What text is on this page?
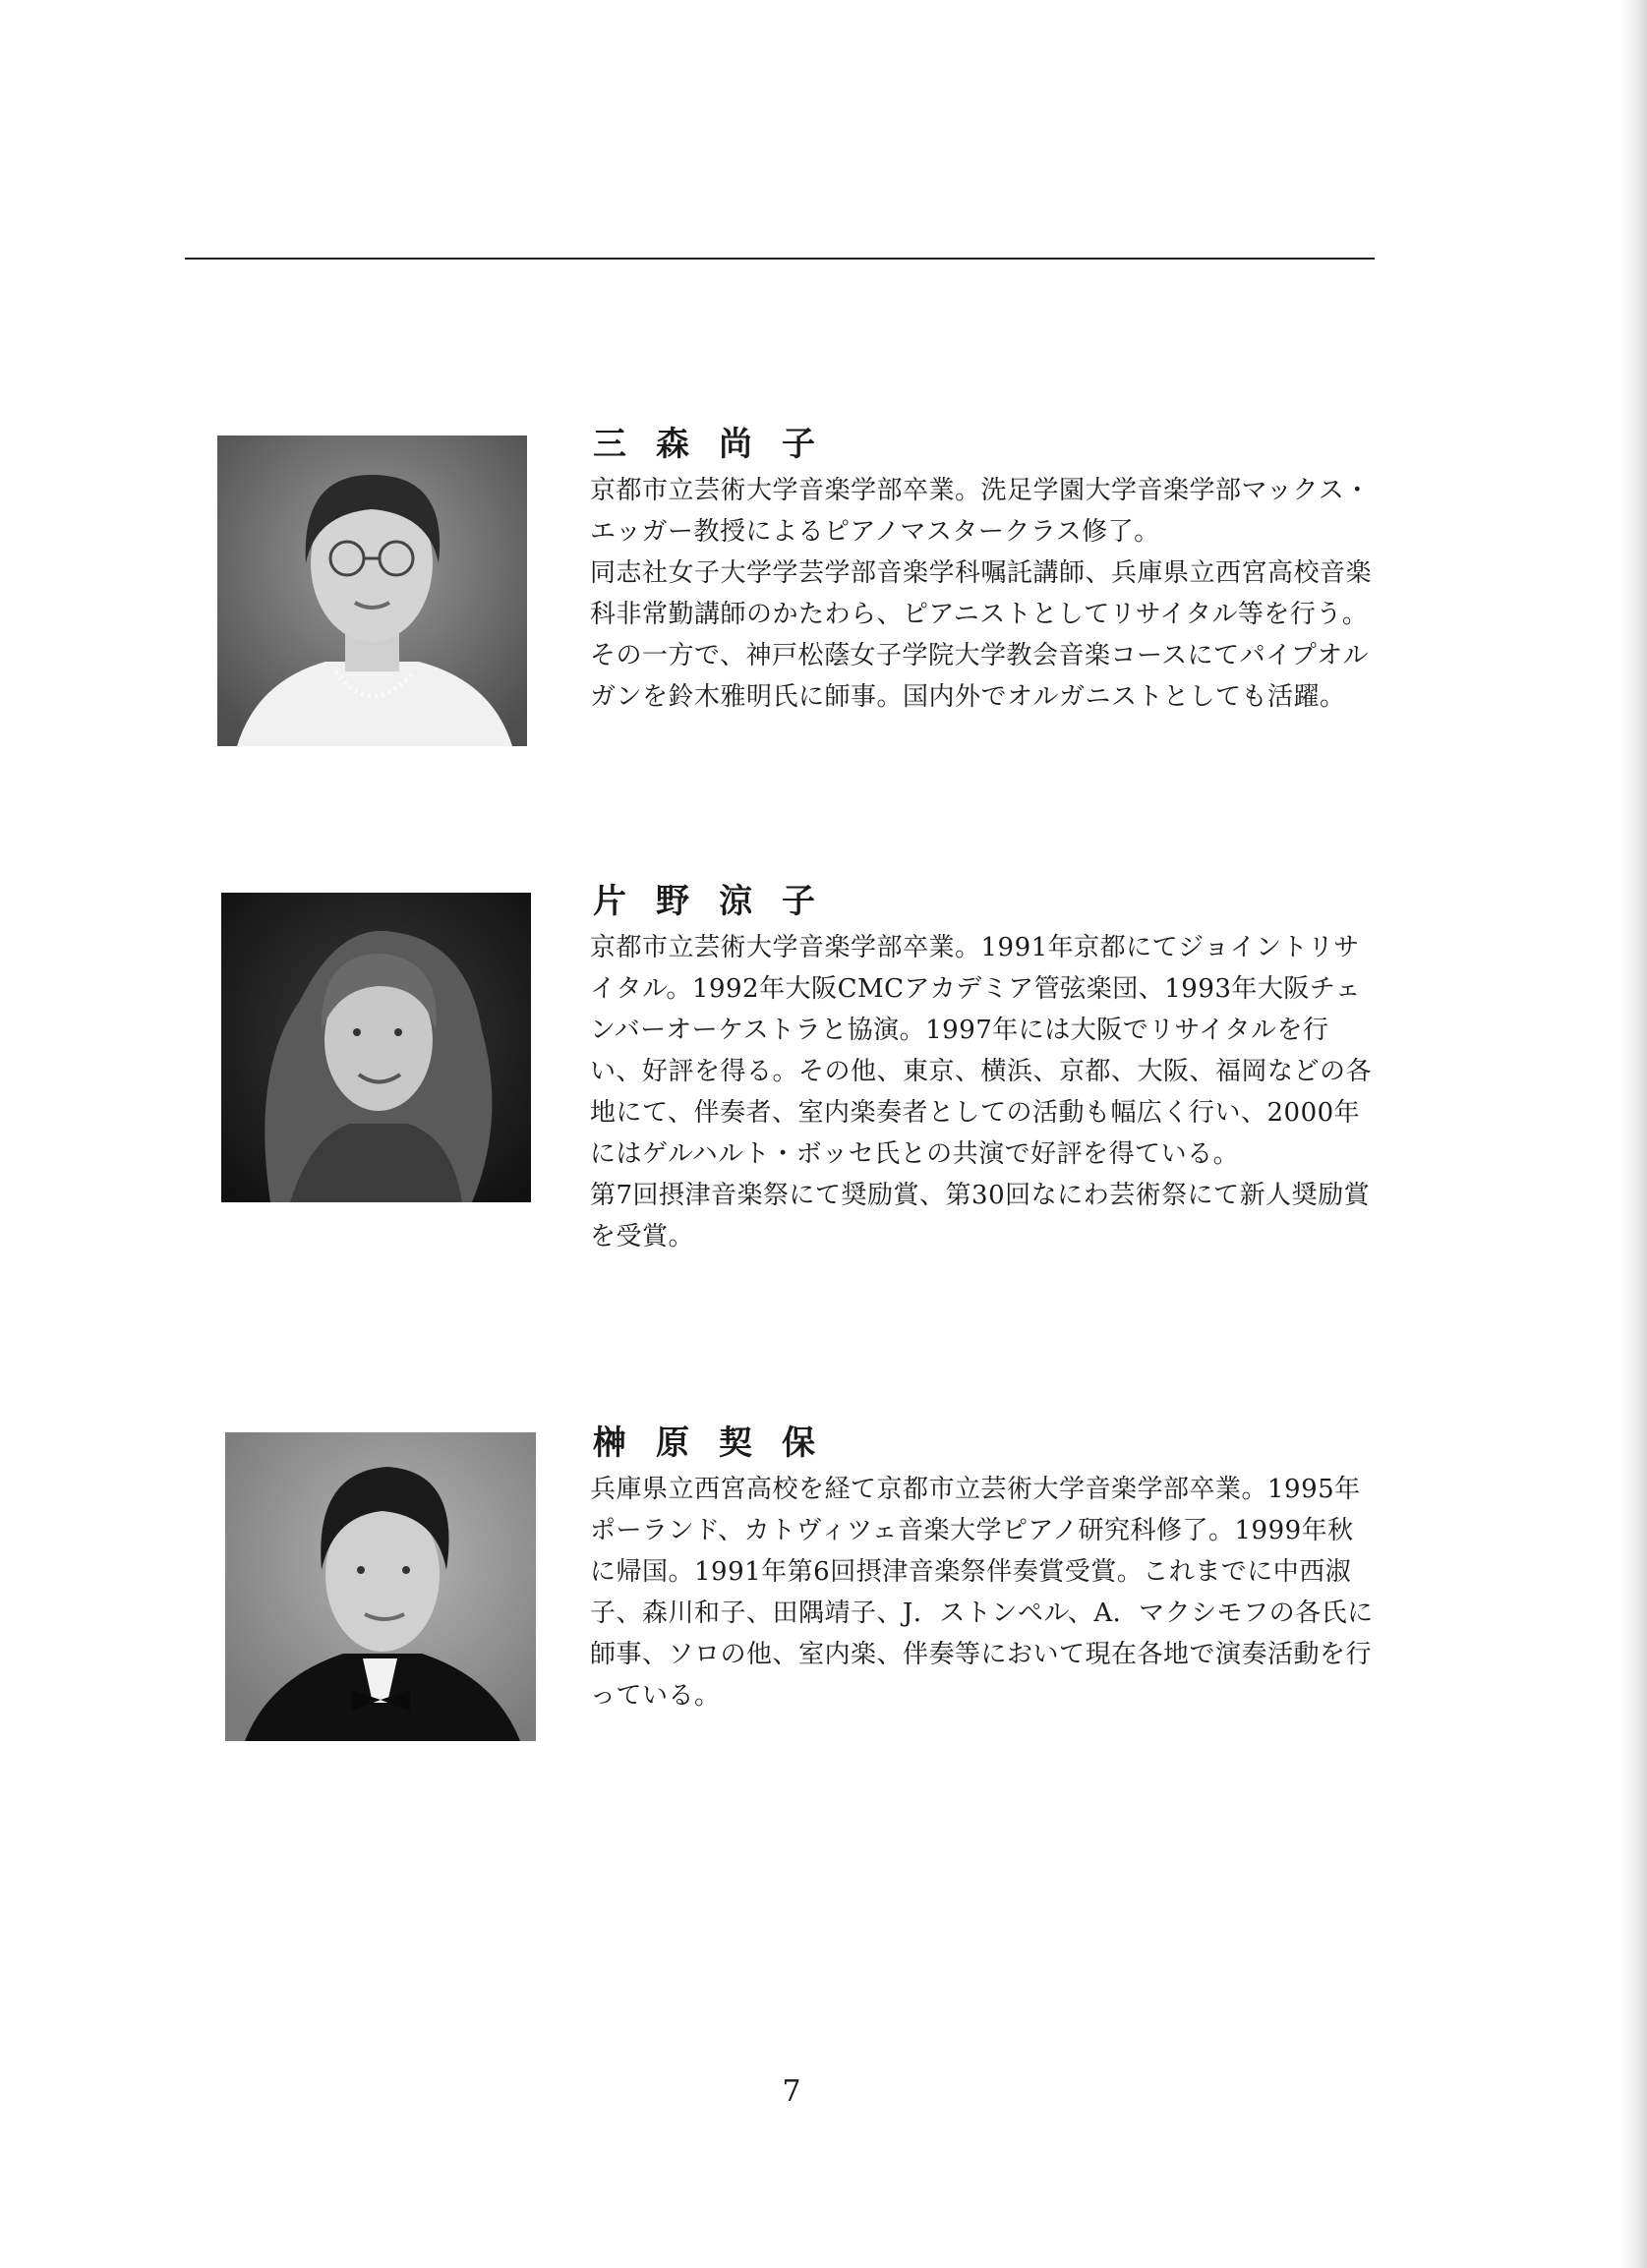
三森尚子

京都市立芸術大学音楽学部卒業。洗足学園大学音楽学部マックス・エッガー教授によるピアノマスタークラス修了。

同志社女子大学学芸学部音楽学科嘱託講師、兵庫県立西宮高校音楽科非常勤講師のかたわら、ピアニストとしてリサイタル等を行う。その一方で、神戸松蔭女子学院大学教会音楽コースにてパイプオルガンを鈴木雅明氏に師事。国内外でオルガニストとしても活躍。

片野涼子

京都市立芸術大学音楽学部卒業。1991年京都にてジョイントリサイタル。1992年大阪CMCアカデミア管弦楽団、1993年大阪チェンバーオーケストラと協演。1997年には大阪でリサイタルを行い、好評を得る。その他、東京、横浜、京都、大阪、福岡などの各地にて、伴奏者、室内楽奏者としての活動も幅広く行い、2000年にはゲルハルト・ボッセ氏との共演で好評を得ている。

第7回摂津音楽祭にて奨励賞、第30回なにわ芸術祭にて新人奨励賞を受賞。

榊原契保

兵庫県立西宮高校を経て京都市立芸術大学音楽学部卒業。1995年ポーランド、カトヴィツェ音楽大学ピアノ研究科修了。1999年秋に帰国。1991年第6回摂津音楽祭伴奏賞受賞。これまでに中西淑子、森川和子、田隅靖子、J．ストンペル、A．マクシモフの各氏に師事、ソロの他、室内楽、伴奏等において現在各地で演奏活動を行っている。

7
